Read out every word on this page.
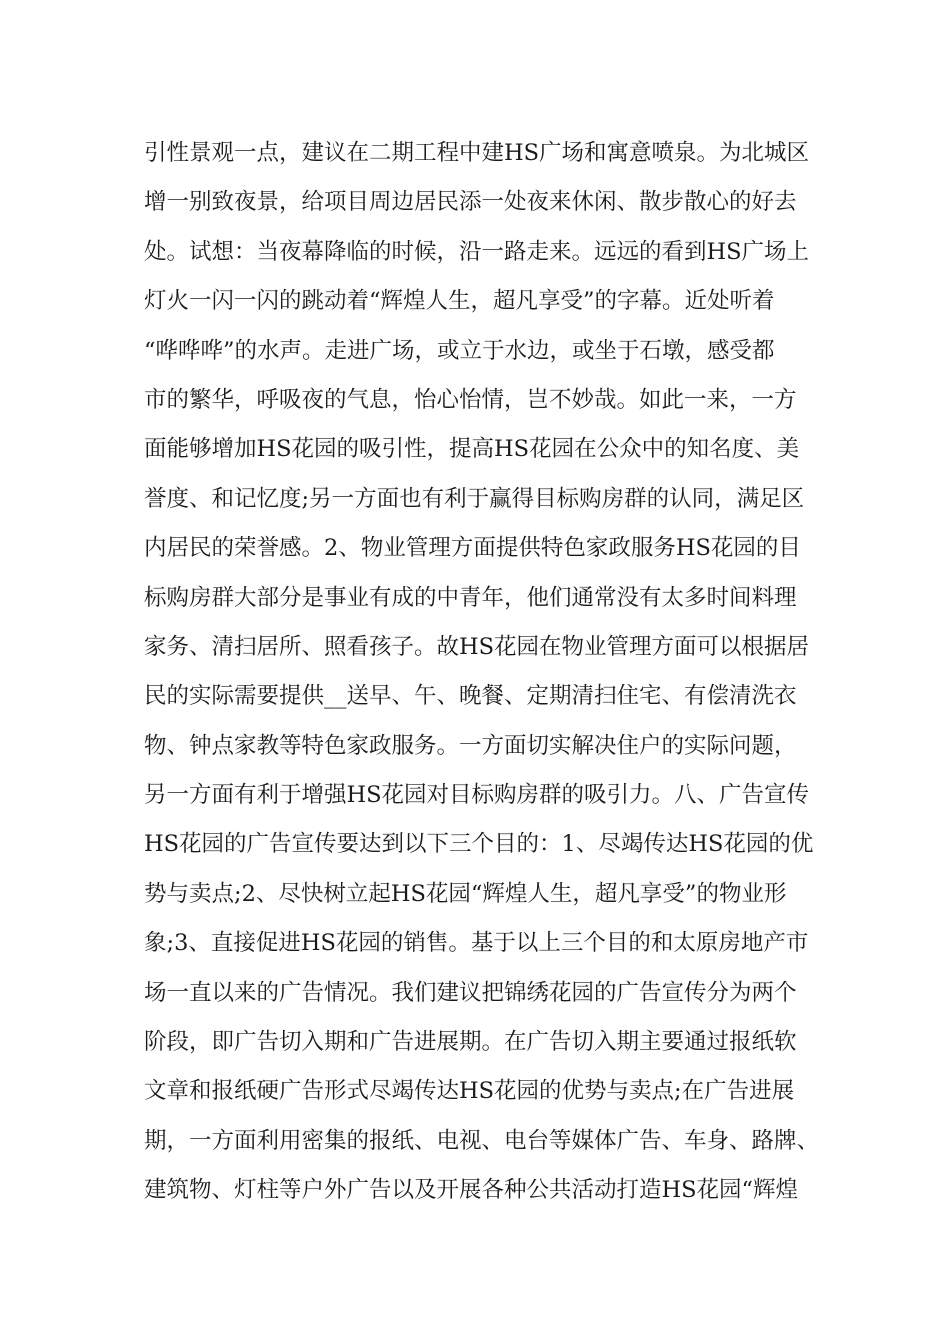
引性景观一点，建议在二期工程中建HS广场和寓意喷泉。为北城区
增一别致夜景，给项目周边居民添一处夜来休闲、散步散心的好去
处。试想：当夜幕降临的时候，沿一路走来。远远的看到HS广场上
灯火一闪一闪的跳动着“辉煌人生，超凡享受”的字幕。近处听着
“哗哗哗”的水声。走进广场，或立于水边，或坐于石墩，感受都
市的繁华，呼吸夜的气息，怡心怡情，岂不妙哉。如此一来，一方
面能够增加HS花园的吸引性，提高HS花园在公众中的知名度、美
誉度、和记忆度;另一方面也有利于赢得目标购房群的认同，满足区
内居民的荣誉感。2、物业管理方面提供特色家政服务HS花园的目
标购房群大部分是事业有成的中青年，他们通常没有太多时间料理
家务、清扫居所、照看孩子。故HS花园在物业管理方面可以根据居
民的实际需要提供__送早、午、晚餐、定期清扫住宅、有偿清洗衣
物、钟点家教等特色家政服务。一方面切实解决住户的实际问题，
另一方面有利于增强HS花园对目标购房群的吸引力。八、广告宣传
HS花园的广告宣传要达到以下三个目的：1、尽竭传达HS花园的优
势与卖点;2、尽快树立起HS花园“辉煌人生，超凡享受”的物业形
象;3、直接促进HS花园的销售。基于以上三个目的和太原房地产市
场一直以来的广告情况。我们建议把锦绣花园的广告宣传分为两个
阶段，即广告切入期和广告进展期。在广告切入期主要通过报纸软
文章和报纸硬广告形式尽竭传达HS花园的优势与卖点;在广告进展
期，一方面利用密集的报纸、电视、电台等媒体广告、车身、路牌、
建筑物、灯柱等户外广告以及开展各种公共活动打造HS花园“辉煌
